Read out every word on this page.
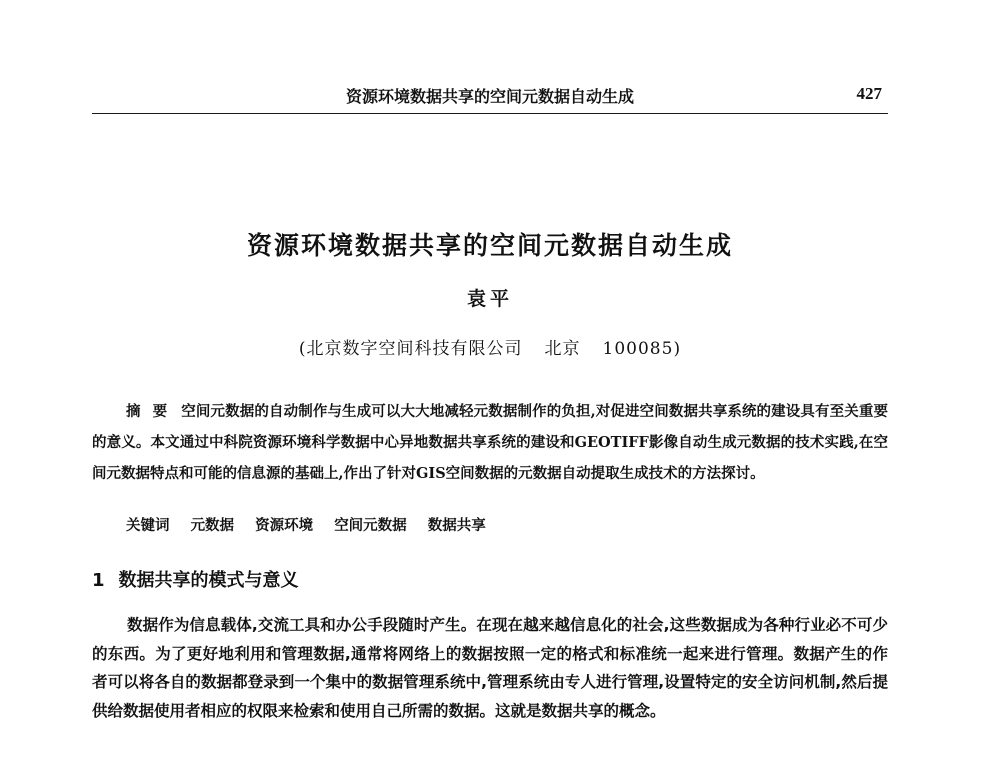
资源环境数据共享的空间元数据自动生成	427
资源环境数据共享的空间元数据自动生成
袁平
(北京数字空间科技有限公司 北京 100085)
摘要 空间元数据的自动制作与生成可以大大地减轻元数据制作的负担,对促进空间数据共享系统的建设具有至关重要的意义。本文通过中科院资源环境科学数据中心异地数据共享系统的建设和GEOTIFF影像自动生成元数据的技术实践,在空间元数据特点和可能的信息源的基础上,作出了针对GIS空间数据的元数据自动提取生成技术的方法探讨。
关键词 元数据 资源环境 空间元数据 数据共享
1 数据共享的模式与意义
数据作为信息载体,交流工具和办公手段随时产生。在现在越来越信息化的社会,这些数据成为各种行业必不可少的东西。为了更好地利用和管理数据,通常将网络上的数据按照一定的格式和标准统一起来进行管理。数据产生的作者可以将各自的数据都登录到一个集中的数据管理系统中,管理系统由专人进行管理,设置特定的安全访问机制,然后提供给数据使用者相应的权限来检索和使用自己所需的数据。这就是数据共享的概念。
